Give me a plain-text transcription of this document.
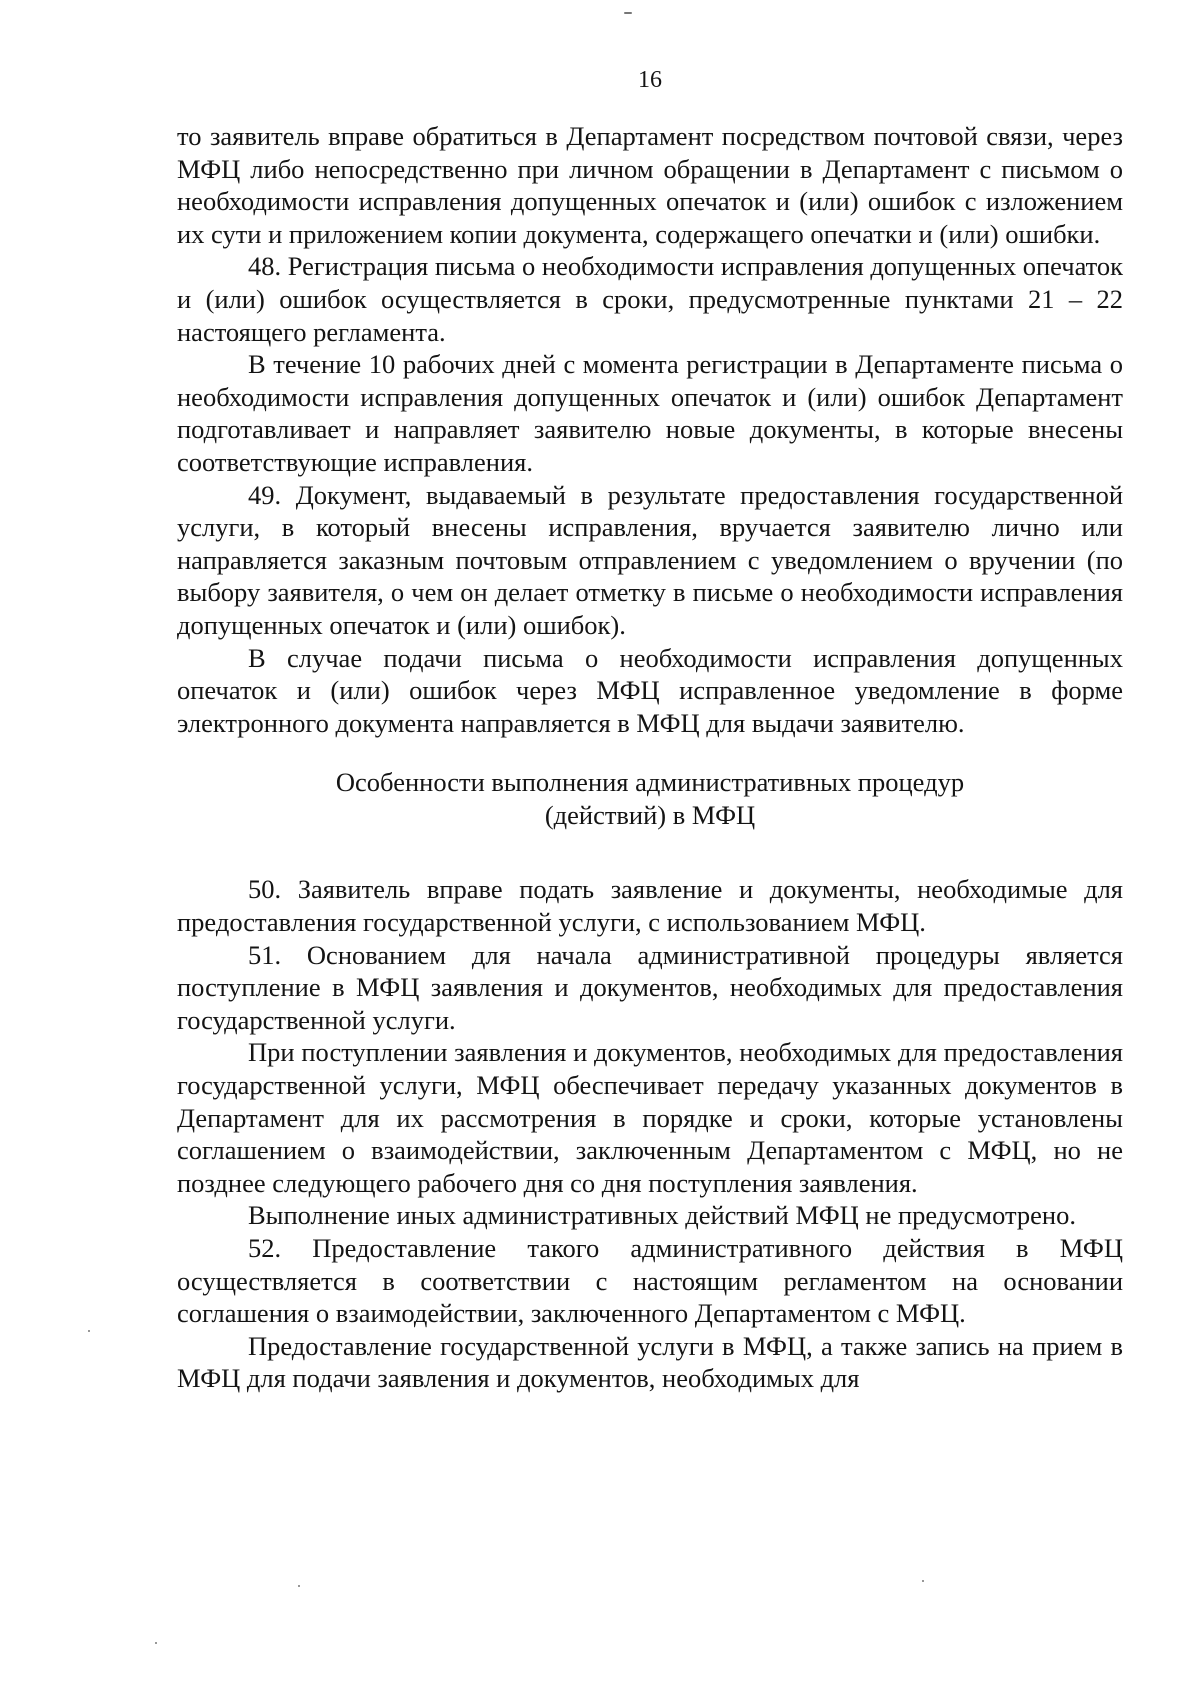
16

то заявитель вправе обратиться в Департамент посредством почтовой связи, через МФЦ либо непосредственно при личном обращении в Департамент с письмом о необходимости исправления допущенных опечаток и (или) ошибок с изложением их сути и приложением копии документа, содержащего опечатки и (или) ошибки.

48. Регистрация письма о необходимости исправления допущенных опечаток и (или) ошибок осуществляется в сроки, предусмотренные пунктами 21 – 22 настоящего регламента.

В течение 10 рабочих дней с момента регистрации в Департаменте письма о необходимости исправления допущенных опечаток и (или) ошибок Департамент подготавливает и направляет заявителю новые документы, в которые внесены соответствующие исправления.

49. Документ, выдаваемый в результате предоставления государственной услуги, в который внесены исправления, вручается заявителю лично или направляется заказным почтовым отправлением с уведомлением о вручении (по выбору заявителя, о чем он делает отметку в письме о необходимости исправления допущенных опечаток и (или) ошибок).

В случае подачи письма о необходимости исправления допущенных опечаток и (или) ошибок через МФЦ исправленное уведомление в форме электронного документа направляется в МФЦ для выдачи заявителю.

Особенности выполнения административных процедур

(действий) в МФЦ

50. Заявитель вправе подать заявление и документы, необходимые для предоставления государственной услуги, с использованием МФЦ.

51. Основанием для начала административной процедуры является поступление в МФЦ заявления и документов, необходимых для предоставления государственной услуги.

При поступлении заявления и документов, необходимых для предоставления государственной услуги, МФЦ обеспечивает передачу указанных документов в Департамент для их рассмотрения в порядке и сроки, которые установлены соглашением о взаимодействии, заключенным Департаментом с МФЦ, но не позднее следующего рабочего дня со дня поступления заявления.

Выполнение иных административных действий МФЦ не предусмотрено.

52. Предоставление такого административного действия в МФЦ осуществляется в соответствии с настоящим регламентом на основании соглашения о взаимодействии, заключенного Департаментом с МФЦ.

Предоставление государственной услуги в МФЦ, а также запись на прием в МФЦ для подачи заявления и документов, необходимых для
